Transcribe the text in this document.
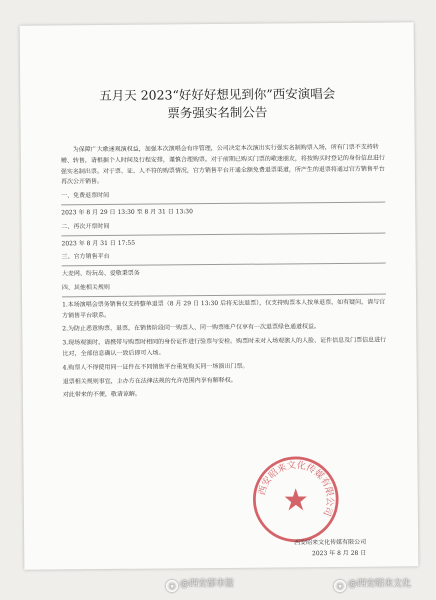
五月天 2023“好好好想见到你”西安演唱会
票务强实名制公告

为保障广大歌迷观演权益，加强本次演唱会有序管理，公司决定本次演出实行强实名制购票入场，所有门票不支持转赠、转售，请根据个人时间及行程安排，谨慎合理购票。对于前期已购买门票的歌迷朋友，将按购买时登记的身份信息进行强实名制出票。对于票、证、人不符的购票情况，官方销售平台开通全额免费退票渠道，所产生的退票将通过官方销售平台再次公开销售。

一、免费退票时间

2023 年 8 月 29 日 13:30 至 8 月 31 日 13:30

二、再次开票时间

2023 年 8 月 31 日 17:55

三、官方销售平台

大麦网、纷玩岛、爱敬秉票务

四、其他相关规则

1.本场演唱会票务销售仅支持整单退票（8 月 29 日 13:30 后将无法退票），仅支持购票本人按单退票，如有疑问，请与官方销售平台联系。

2.为防止恶意购票、退票，在销售阶段同一购票人、同一购票账户仅享有一次退票绿色通道权益。

3.现场观演时，请携带与购票时相同的身份证件进行验票与安检。购票时未对入场观演人的人脸、证件信息及门票信息进行比对，全部信息确认一致后即可入场。

4.购票人不得使用同一证件在不同销售平台重复购买同一场演出门票。

退票相关规则事宜，主办方在法律法规的允许范围内享有解释权。

对此带来的不便，敬请谅解。

西安昭来文化传媒有限公司
西安昭来文化传媒有限公司
2023 年 8 月 28 日
◉ @西安都市报	◉ @西安昭来文化
